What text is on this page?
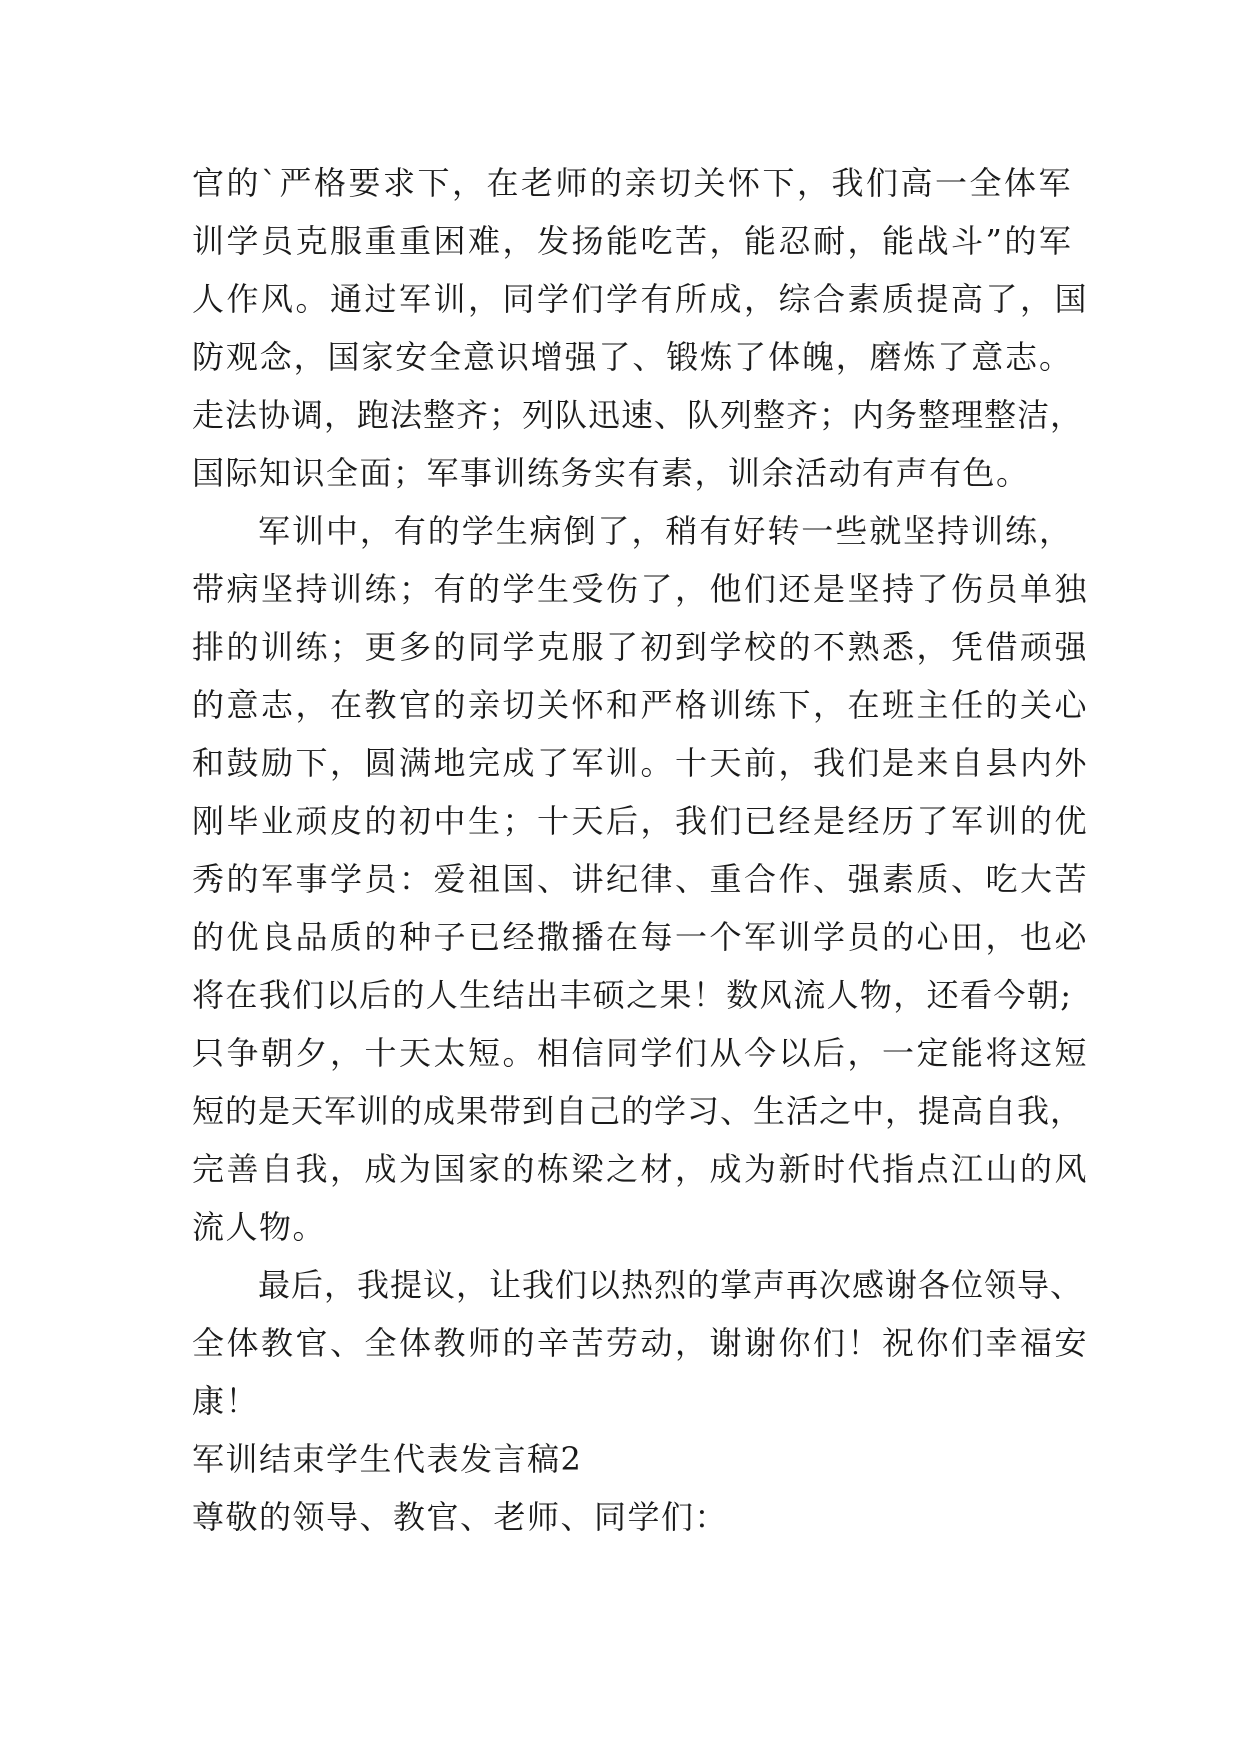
官的`严格要求下，在老师的亲切关怀下，我们高一全体军
训学员克服重重困难，发扬能吃苦，能忍耐，能战斗”的军
人作风。通过军训，同学们学有所成，综合素质提高了，国
防观念，国家安全意识增强了、锻炼了体魄，磨炼了意志。
走法协调，跑法整齐；列队迅速、队列整齐；内务整理整洁，
国际知识全面；军事训练务实有素，训余活动有声有色。
军训中，有的学生病倒了，稍有好转一些就坚持训练，
带病坚持训练；有的学生受伤了，他们还是坚持了伤员单独
排的训练；更多的同学克服了初到学校的不熟悉，凭借顽强
的意志，在教官的亲切关怀和严格训练下，在班主任的关心
和鼓励下，圆满地完成了军训。十天前，我们是来自县内外
刚毕业顽皮的初中生；十天后，我们已经是经历了军训的优
秀的军事学员：爱祖国、讲纪律、重合作、强素质、吃大苦
的优良品质的种子已经撒播在每一个军训学员的心田，也必
将在我们以后的人生结出丰硕之果！数风流人物，还看今朝;
只争朝夕，十天太短。相信同学们从今以后，一定能将这短
短的是天军训的成果带到自己的学习、生活之中，提高自我，
完善自我，成为国家的栋梁之材，成为新时代指点江山的风
流人物。
最后，我提议，让我们以热烈的掌声再次感谢各位领导、
全体教官、全体教师的辛苦劳动，谢谢你们！祝你们幸福安
康！
军训结束学生代表发言稿2
尊敬的领导、教官、老师、同学们：
